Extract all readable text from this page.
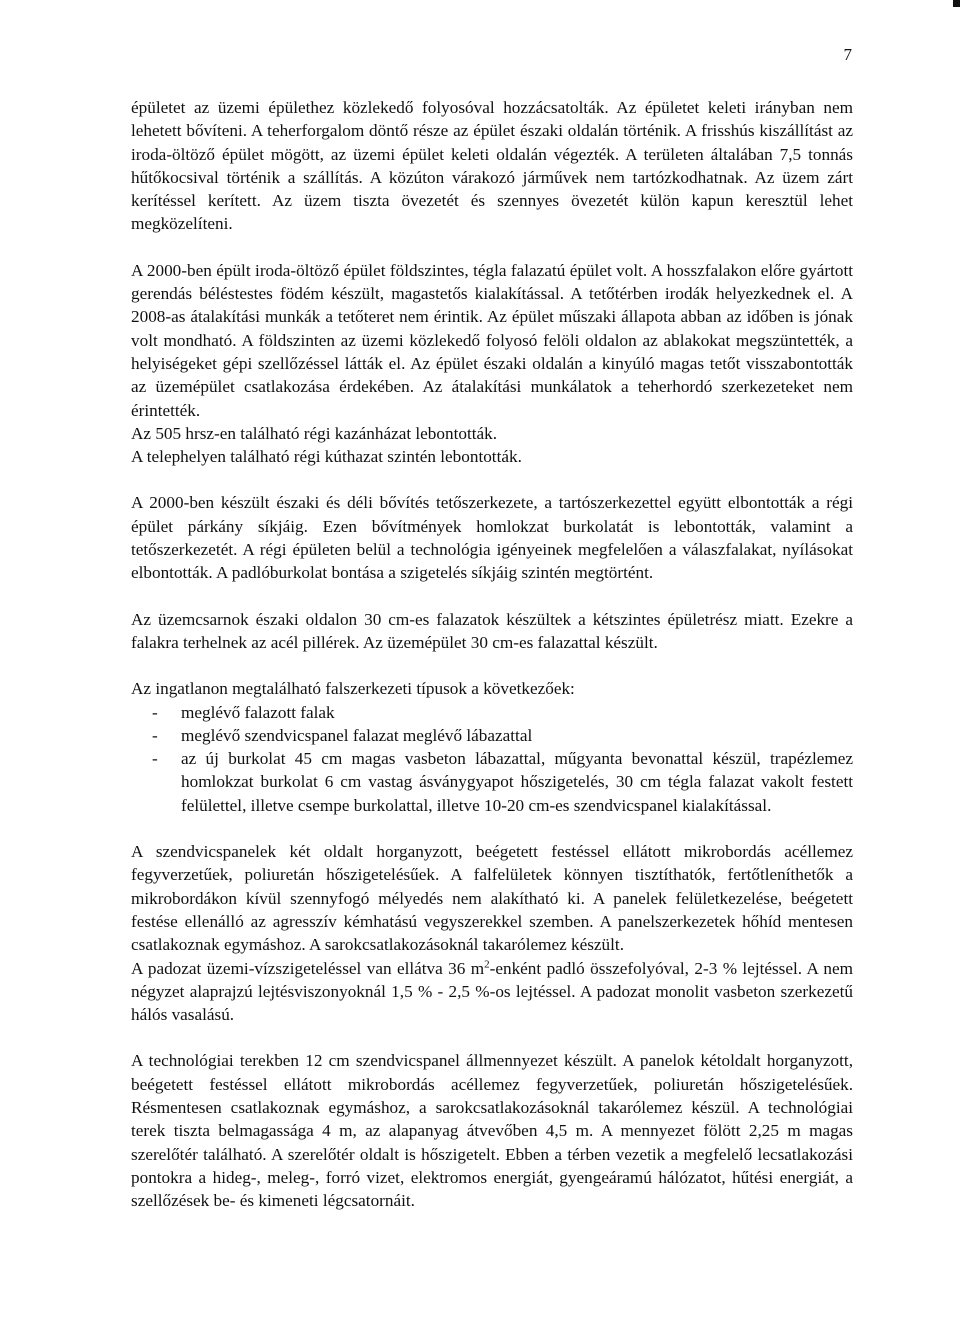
7

épületet az üzemi épülethez közlekedő folyosóval hozzácsatolták. Az épületet keleti irányban nem lehetett bővíteni. A teherforgalom döntő része az épület északi oldalán történik. A frisshús kiszállítást az iroda-öltöző épület mögött, az üzemi épület keleti oldalán végezték. A területen általában 7,5 tonnás hűtőkocsival történik a szállítás. A közúton várakozó járművek nem tartózkodhatnak. Az üzem zárt kerítéssel kerített. Az üzem tiszta övezetét és szennyes övezetét külön kapun keresztül lehet megközelíteni.

A 2000-ben épült iroda-öltöző épület földszintes, tégla falazatú épület volt. A hosszfalakon előre gyártott gerendás béléstestes födém készült, magastetős kialakítással. A tetőtérben irodák helyezkednek el. A 2008-as átalakítási munkák a tetőteret nem érintik. Az épület műszaki állapota abban az időben is jónak volt mondható. A földszinten az üzemi közlekedő folyosó felöli oldalon az ablakokat megszüntették, a helyiségeket gépi szellőzéssel látták el. Az épület északi oldalán a kinyúló magas tetőt visszabontották az üzemépület csatlakozása érdekében. Az átalakítási munkálatok a teherhordó szerkezeteket nem érintették.

Az 505 hrsz-en található régi kazánházat lebontották.

A telephelyen található régi kúthazat szintén lebontották.

A 2000-ben készült északi és déli bővítés tetőszerkezete, a tartószerkezettel együtt elbontották a régi épület párkány síkjáig. Ezen bővítmények homlokzat burkolatát is lebontották, valamint a tetőszerkezetét. A régi épületen belül a technológia igényeinek megfelelően a válaszfalakat, nyílásokat elbontották. A padlóburkolat bontása a szigetelés síkjáig szintén megtörtént.

Az üzemcsarnok északi oldalon 30 cm-es falazatok készültek a kétszintes épületrész miatt. Ezekre a falakra terhelnek az acél pillérek. Az üzemépület 30 cm-es falazattal készült.

Az ingatlanon megtalálható falszerkezeti típusok a következőek:

- meglévő falazott falak
- meglévő szendvicspanel falazat meglévő lábazattal
- az új burkolat 45 cm magas vasbeton lábazattal, műgyanta bevonattal készül, trapézlemez homlokzat burkolat 6 cm vastag ásványgyapot hőszigetelés, 30 cm tégla falazat vakolt festett felülettel, illetve csempe burkolattal, illetve 10-20 cm-es szendvicspanel kialakítással.

A szendvicspanelek két oldalt horganyzott, beégetett festéssel ellátott mikrobordás acéllemez fegyverzetűek, poliuretán hőszigetelésűek. A falfelületek könnyen tisztíthatók, fertőtleníthetők a mikrobordákon kívül szennyfogó mélyedés nem alakítható ki. A panelek felületkezelése, beégetett festése ellenálló az agresszív kémhatású vegyszerekkel szemben. A panelszerkezetek hőhíd mentesen csatlakoznak egymáshoz. A sarokcsatlakozásoknál takarólemez készült.

A padozat üzemi-vízszigeteléssel van ellátva 36 $m^2$-enként padló összefolyóval, 2-3 % lejtéssel. A nem négyzet alaprajzú lejtésviszonyoknál 1,5 % - 2,5 %-os lejtéssel. A padozat monolit vasbeton szerkezetű hálós vasalású.

A technológiai terekben 12 cm szendvicspanel állmennyezet készült. A panelok kétoldalt horganyzott, beégetett festéssel ellátott mikrobordás acéllemez fegyverzetűek, poliuretán hőszigetelésűek. Résmentesen csatlakoznak egymáshoz, a sarokcsatlakozásoknál takarólemez készül. A technológiai terek tiszta belmagassága 4 m, az alapanyag átvevőben 4,5 m. A mennyezet fölött 2,25 m magas szerelőtér található. A szerelőtér oldalt is hőszigetelt. Ebben a térben vezetik a megfelelő lecsatlakozási pontokra a hideg-, meleg-, forró vizet, elektromos energiát, gyengeáramú hálózatot, hűtési energiát, a szellőzések be- és kimeneti légcsatornáit.
